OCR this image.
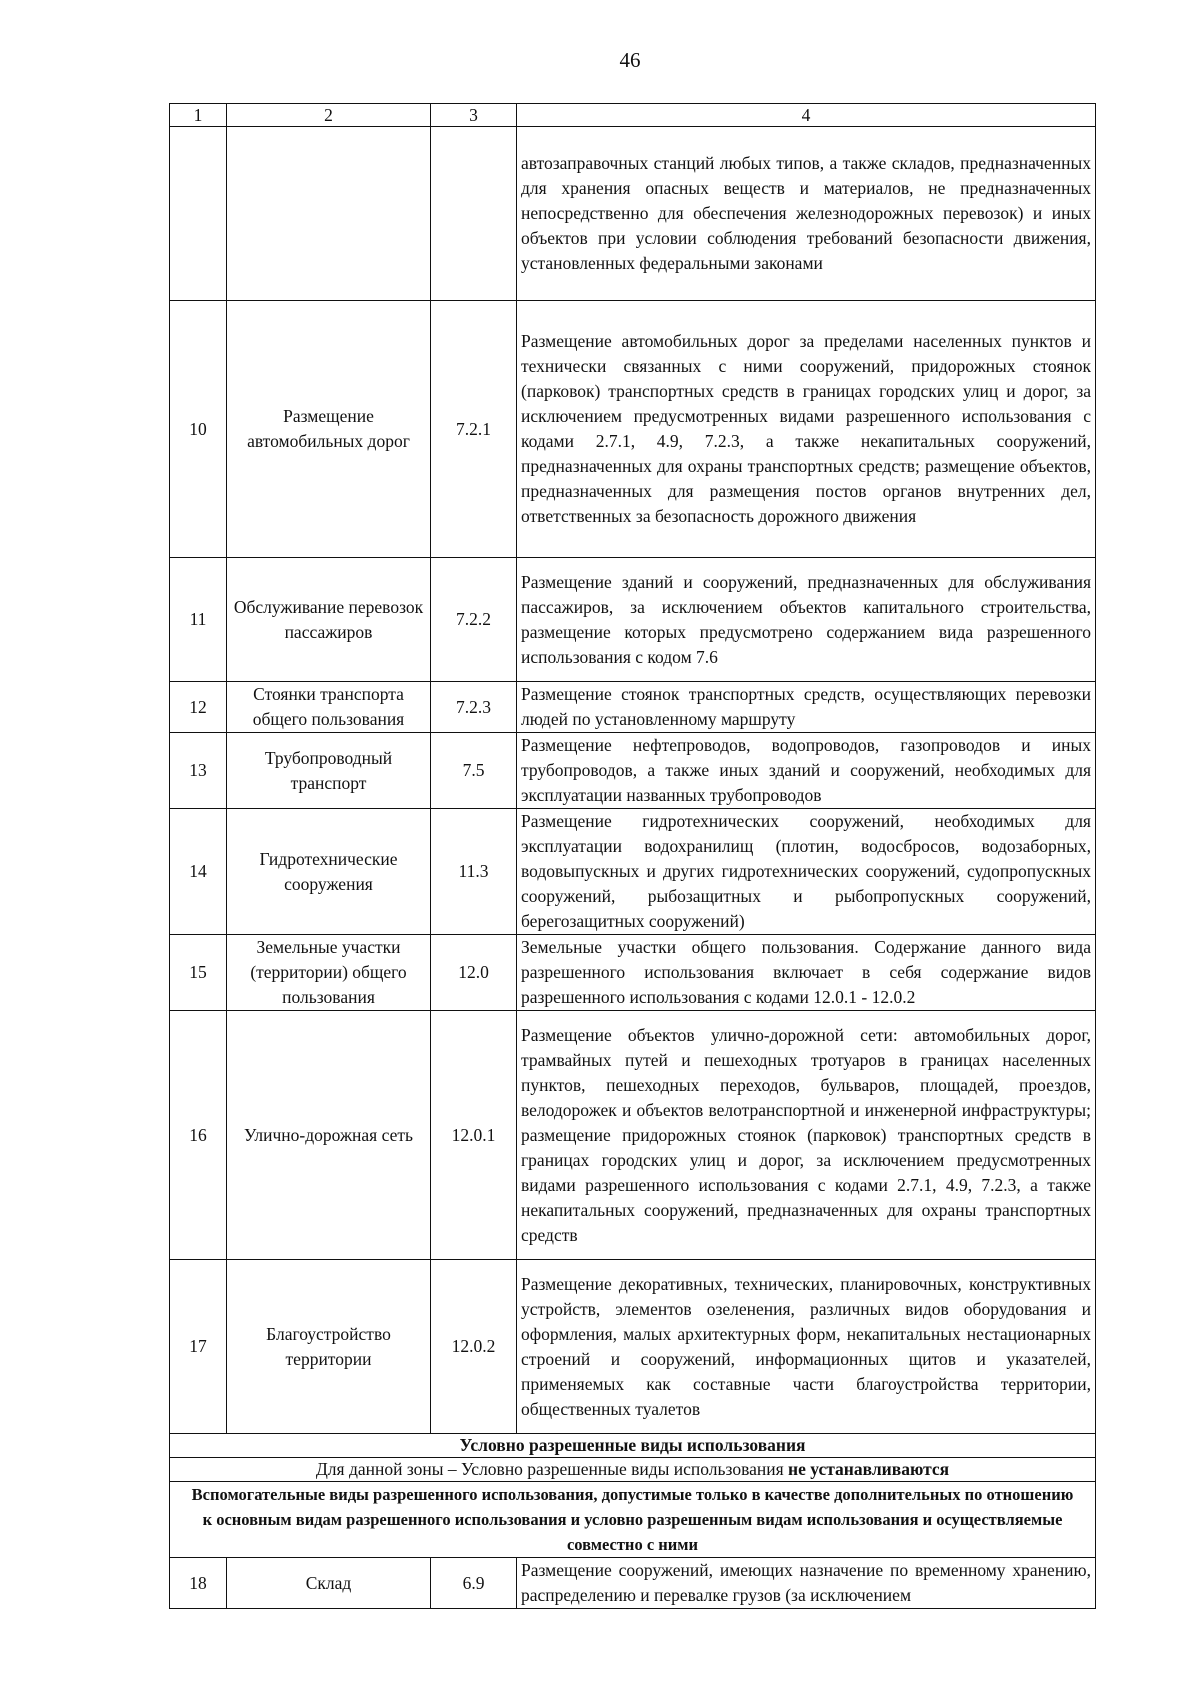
46
1	2	3	4
			автозаправочных станций любых типов, а также складов, предназначенных для хранения опасных веществ и материалов, не предназначенных непосредственно для обеспечения железнодорожных перевозок) и иных объектов при условии соблюдения требований безопасности движения, установленных федеральными законами
10	Размещение автомобильных дорог	7.2.1	Размещение автомобильных дорог за пределами населенных пунктов и технически связанных с ними сооружений, придорожных стоянок (парковок) транспортных средств в границах городских улиц и дорог, за исключением предусмотренных видами разрешенного использования с кодами 2.7.1, 4.9, 7.2.3, а также некапитальных сооружений, предназначенных для охраны транспортных средств; размещение объектов, предназначенных для размещения постов органов внутренних дел, ответственных за безопасность дорожного движения
11	Обслуживание перевозок пассажиров	7.2.2	Размещение зданий и сооружений, предназначенных для обслуживания пассажиров, за исключением объектов капитального строительства, размещение которых предусмотрено содержанием вида разрешенного использования с кодом 7.6
12	Стоянки транспорта общего пользования	7.2.3	Размещение стоянок транспортных средств, осуществляющих перевозки людей по установленному маршруту
13	Трубопроводный транспорт	7.5	Размещение нефтепроводов, водопроводов, газопроводов и иных трубопроводов, а также иных зданий и сооружений, необходимых для эксплуатации названных трубопроводов
14	Гидротехнические сооружения	11.3	Размещение гидротехнических сооружений, необходимых для эксплуатации водохранилищ (плотин, водосбросов, водозаборных, водовыпускных и других гидротехнических сооружений, судопропускных сооружений, рыбозащитных и рыбопропускных сооружений, берегозащитных сооружений)
15	Земельные участки (территории) общего пользования	12.0	Земельные участки общего пользования. Содержание данного вида разрешенного использования включает в себя содержание видов разрешенного использования с кодами 12.0.1 - 12.0.2
16	Улично-дорожная сеть	12.0.1	Размещение объектов улично-дорожной сети: автомобильных дорог, трамвайных путей и пешеходных тротуаров в границах населенных пунктов, пешеходных переходов, бульваров, площадей, проездов, велодорожек и объектов велотранспортной и инженерной инфраструктуры; размещение придорожных стоянок (парковок) транспортных средств в границах городских улиц и дорог, за исключением предусмотренных видами разрешенного использования с кодами 2.7.1, 4.9, 7.2.3, а также некапитальных сооружений, предназначенных для охраны транспортных средств
17	Благоустройство территории	12.0.2	Размещение декоративных, технических, планировочных, конструктивных устройств, элементов озеленения, различных видов оборудования и оформления, малых архитектурных форм, некапитальных нестационарных строений и сооружений, информационных щитов и указателей, применяемых как составные части благоустройства территории, общественных туалетов
Условно разрешенные виды использования			
Для данной зоны – Условно разрешенные виды использования не устанавливаются			
Вспомогательные виды разрешенного использования, допустимые только в качестве дополнительных по отношению к основным видам разрешенного использования и условно разрешенным видам использования и осуществляемые совместно с ними			
18	Склад	6.9	Размещение сооружений, имеющих назначение по временному хранению, распределению и перевалке грузов (за исключением
